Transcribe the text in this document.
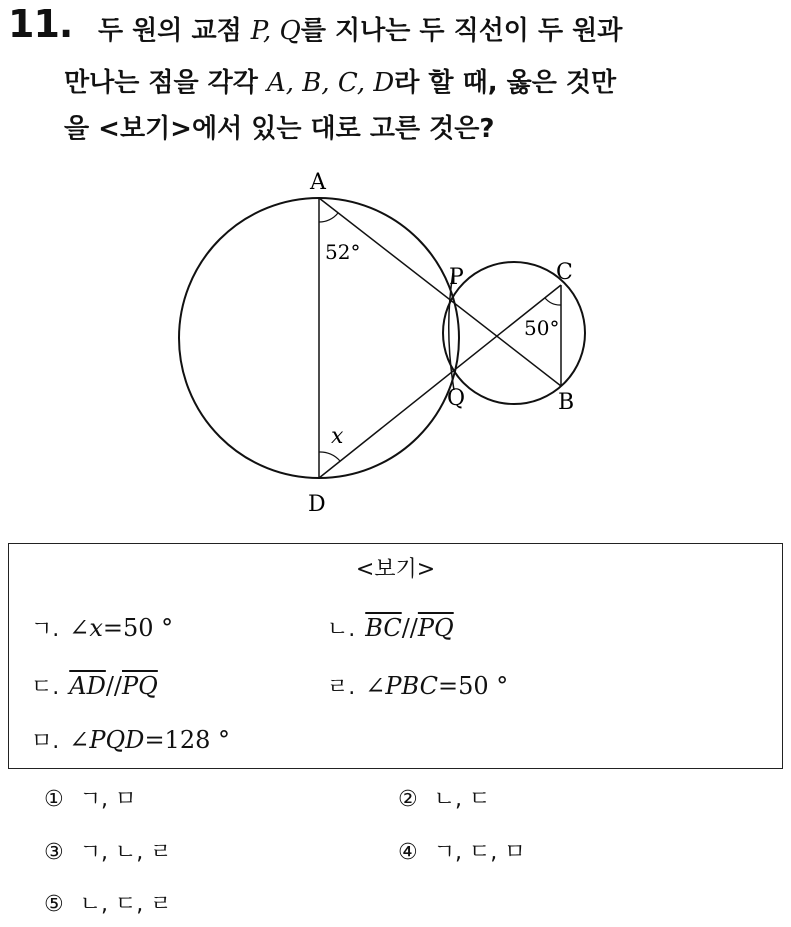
11. 두 원의 교점 P, Q를 지나는 두 직선이 두 원과
만나는 점을 각각 A, B, C, D라 할 때, 옳은 것만
을 <보기>에서 있는 대로 고른 것은?
A
P	C
Q	B
D
52°
50°
x
<보기>
ㄱ. ∠x=50 °	ㄴ. $\overline{BC}//\overline{PQ}$
ㄷ. $\overline{AD}//\overline{PQ}$	ㄹ. ∠PBC=50 °
ㅁ. ∠PQD=128 °
① ㄱ, ㅁ	② ㄴ, ㄷ
③ ㄱ, ㄴ, ㄹ	④ ㄱ, ㄷ, ㅁ
⑤ ㄴ, ㄷ, ㄹ
